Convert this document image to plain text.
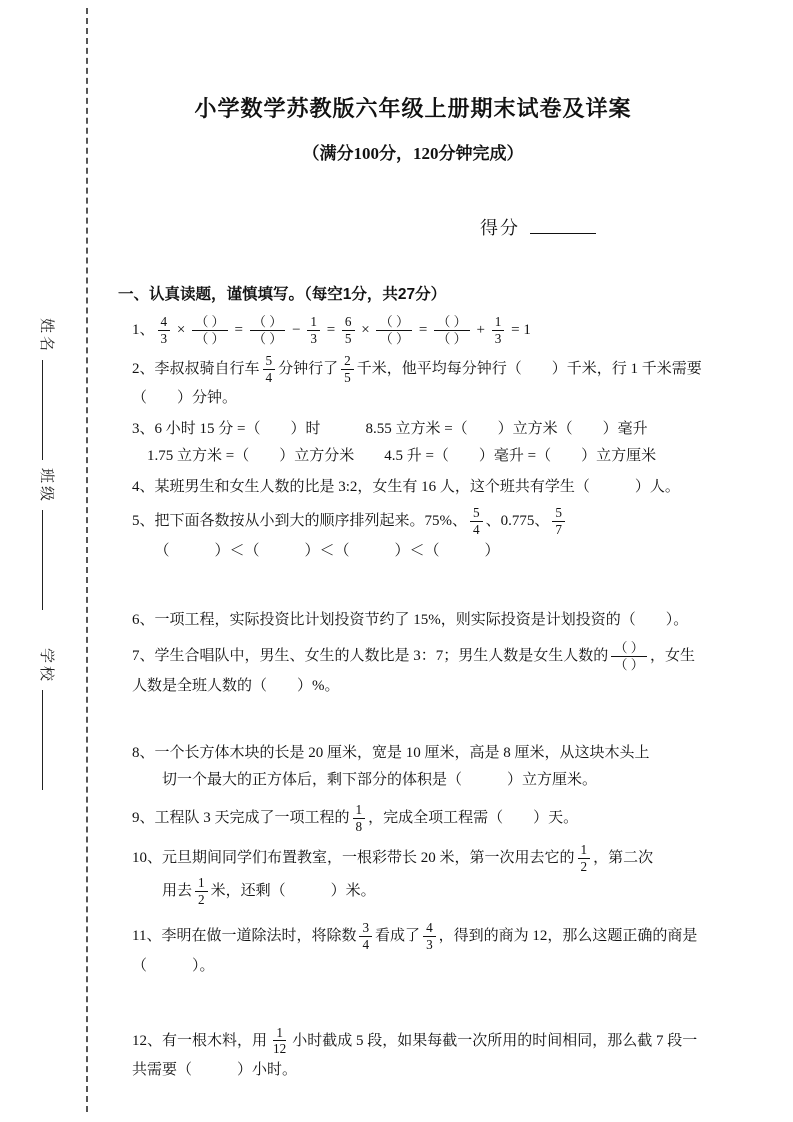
姓名
班级
学校
小学数学苏教版六年级上册期末试卷及详案
（满分100分，120分钟完成）
得分
一、认真读题，谨慎填写。（每空1分，共27分）
1、 $\frac{4}{3} \times \frac{( )}{( )} = \frac{( )}{( )} - \frac{1}{3} = \frac{6}{5} \times \frac{( )}{( )} = \frac{( )}{( )} + \frac{1}{3} = 1$
2、李叔叔骑自行车 $\frac{5}{4}$ 分钟行了 $\frac{2}{5}$ 千米，他平均每分钟行（　　）千米，行 1 千米需要（　　）分钟。
3、6 小时 15 分 =（　　）时　　　8.55 立方米 =（　　）立方米（　　）毫升
　1.75 立方米 =（　　）立方分米　　4.5 升 =（　　）毫升 =（　　）立方厘米
4、某班男生和女生人数的比是 3:2，女生有 16 人，这个班共有学生（　　　）人。
5、把下面各数按从小到大的顺序排列起来。75%、 $\frac{5}{4}$ 、0.775、 $\frac{5}{7}$

　　（　　　）＜（　　　）＜（　　　）＜（　　　）
6、一项工程，实际投资比计划投资节约了 15%，则实际投资是计划投资的（　　）。
7、学生合唱队中，男生、女生的人数比是 3：7；男生人数是女生人数的 $\frac{( )}{( )}$ ，女生
人数是全班人数的（　　）%。
8、一个长方体木块的长是 20 厘米，宽是 10 厘米，高是 8 厘米，从这块木头上
　　切一个最大的正方体后，剩下部分的体积是（　　　）立方厘米。
9、工程队 3 天完成了一项工程的 $\frac{1}{8}$ ，完成全项工程需（　　）天。
10、元旦期间同学们布置教室，一根彩带长 20 米，第一次用去它的 $\frac{1}{2}$ ，第二次
　　用去 $\frac{1}{2}$ 米，还剩（　　　）米。
11、李明在做一道除法时，将除数 $\frac{3}{4}$ 看成了 $\frac{4}{3}$ ，得到的商为 12，那么这题正确的商是
（　　　）。
12、有一根木料，用 $\frac{1}{12}$ 小时截成 5 段，如果每截一次所用的时间相同，那么截 7 段一
共需要（　　　）小时。
